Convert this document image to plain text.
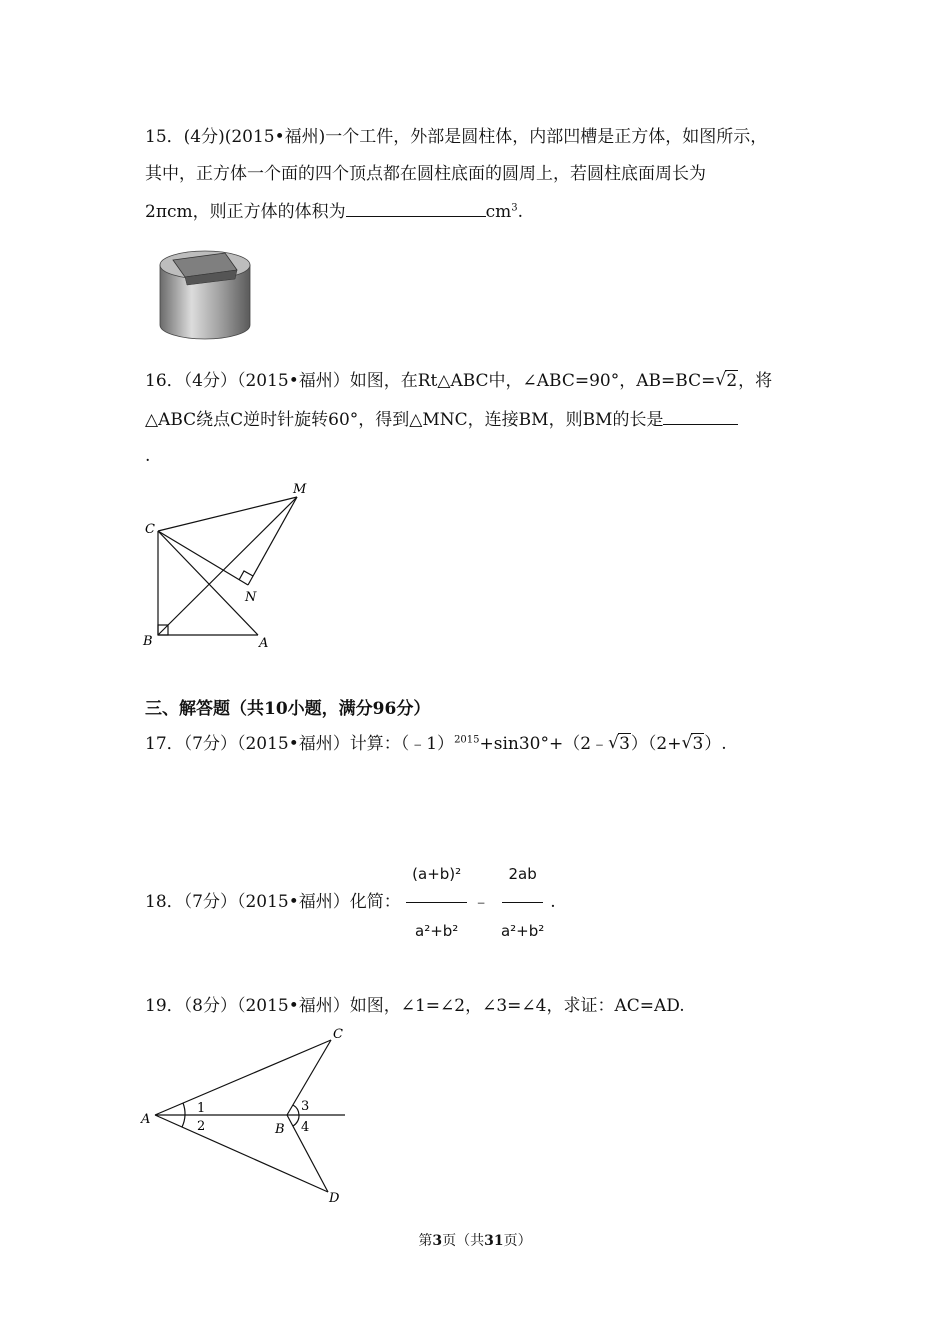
15．(4分)(2015•福州)一个工件，外部是圆柱体，内部凹槽是正方体，如图所示，
其中，正方体一个面的四个顶点都在圆柱底面的圆周上，若圆柱底面周长为
2πcm，则正方体的体积为	$cm^3$.
16．（4分）（2015•福州）如图，在Rt△ABC中，∠ABC=90°，AB=BC= √ 2，将
△ABC绕点C逆时针旋转60°，得到△MNC，连接BM，则BM的长是
.
M
C
N
B	A
三、解答题（共10小题，满分96分）
17．（7分）（2015•福州）计算：（﹣1）$^{2015}$+sin30°+（2﹣ √ 3）（2+ √ 3）.
18．（7分）（2015•福州）化简： $\frac{\text{(a+b)²}}{\text{a²+b²}}$ ﹣ $\frac{2ab}{\text{a²+b²}}$ .
19．（8分）（2015•福州）如图，∠1=∠2，∠3=∠4，求证：AC=AD.
C
A
B
D
1
2
3
4
第3页（共31页）
